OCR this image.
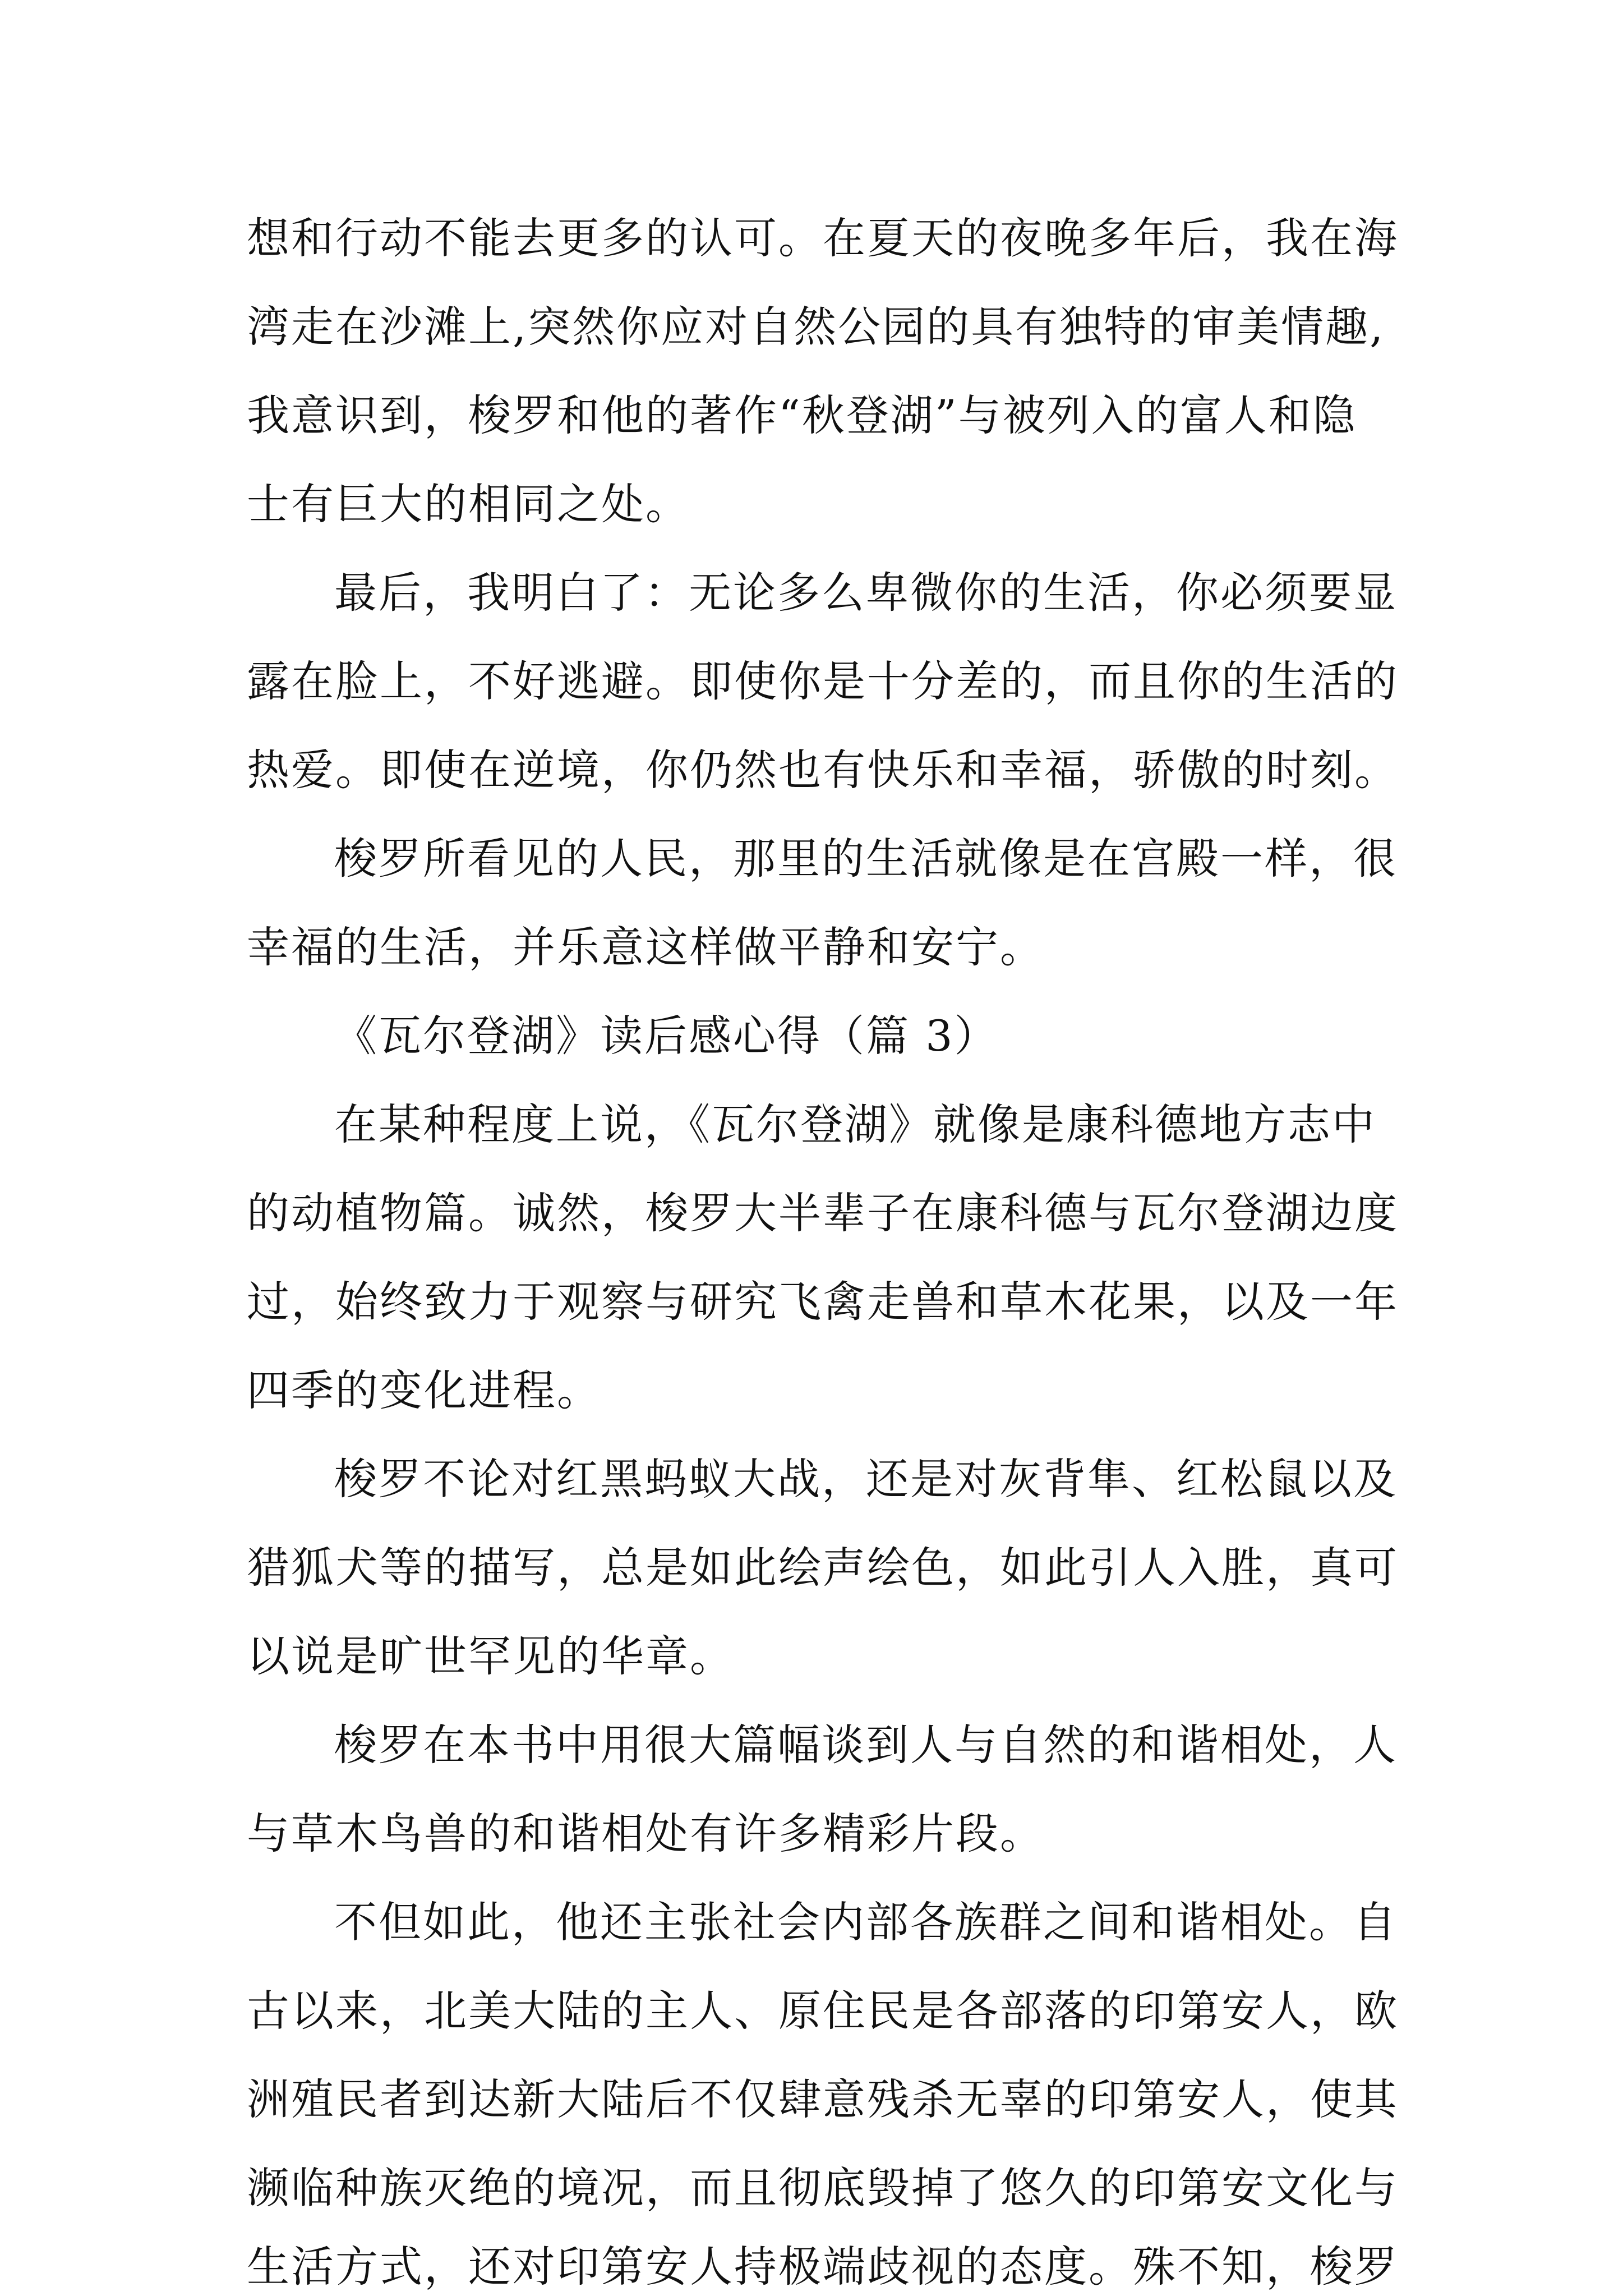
想和行动不能去更多的认可。在夏天的夜晚多年后，我在海
湾走在沙滩上,突然你应对自然公园的具有独特的审美情趣,
我意识到，梭罗和他的著作“秋登湖”与被列入的富人和隐
士有巨大的相同之处。
最后，我明白了：无论多么卑微你的生活，你必须要显
露在脸上，不好逃避。即使你是十分差的，而且你的生活的
热爱。即使在逆境，你仍然也有快乐和幸福，骄傲的时刻。
梭罗所看见的人民，那里的生活就像是在宫殿一样，很
幸福的生活，并乐意这样做平静和安宁。
《瓦尔登湖》读后感心得（篇 3）
在某种程度上说，《瓦尔登湖》就像是康科德地方志中
的动植物篇。诚然，梭罗大半辈子在康科德与瓦尔登湖边度
过，始终致力于观察与研究飞禽走兽和草木花果，以及一年
四季的变化进程。
梭罗不论对红黑蚂蚁大战，还是对灰背隼、红松鼠以及
猎狐犬等的描写，总是如此绘声绘色，如此引人入胜，真可
以说是旷世罕见的华章。
梭罗在本书中用很大篇幅谈到人与自然的和谐相处，人
与草木鸟兽的和谐相处有许多精彩片段。
不但如此，他还主张社会内部各族群之间和谐相处。自
古以来，北美大陆的主人、原住民是各部落的印第安人，欧
洲殖民者到达新大陆后不仅肆意残杀无辜的印第安人，使其
濒临种族灭绝的境况，而且彻底毁掉了悠久的印第安文化与
生活方式，还对印第安人持极端歧视的态度。殊不知，梭罗
